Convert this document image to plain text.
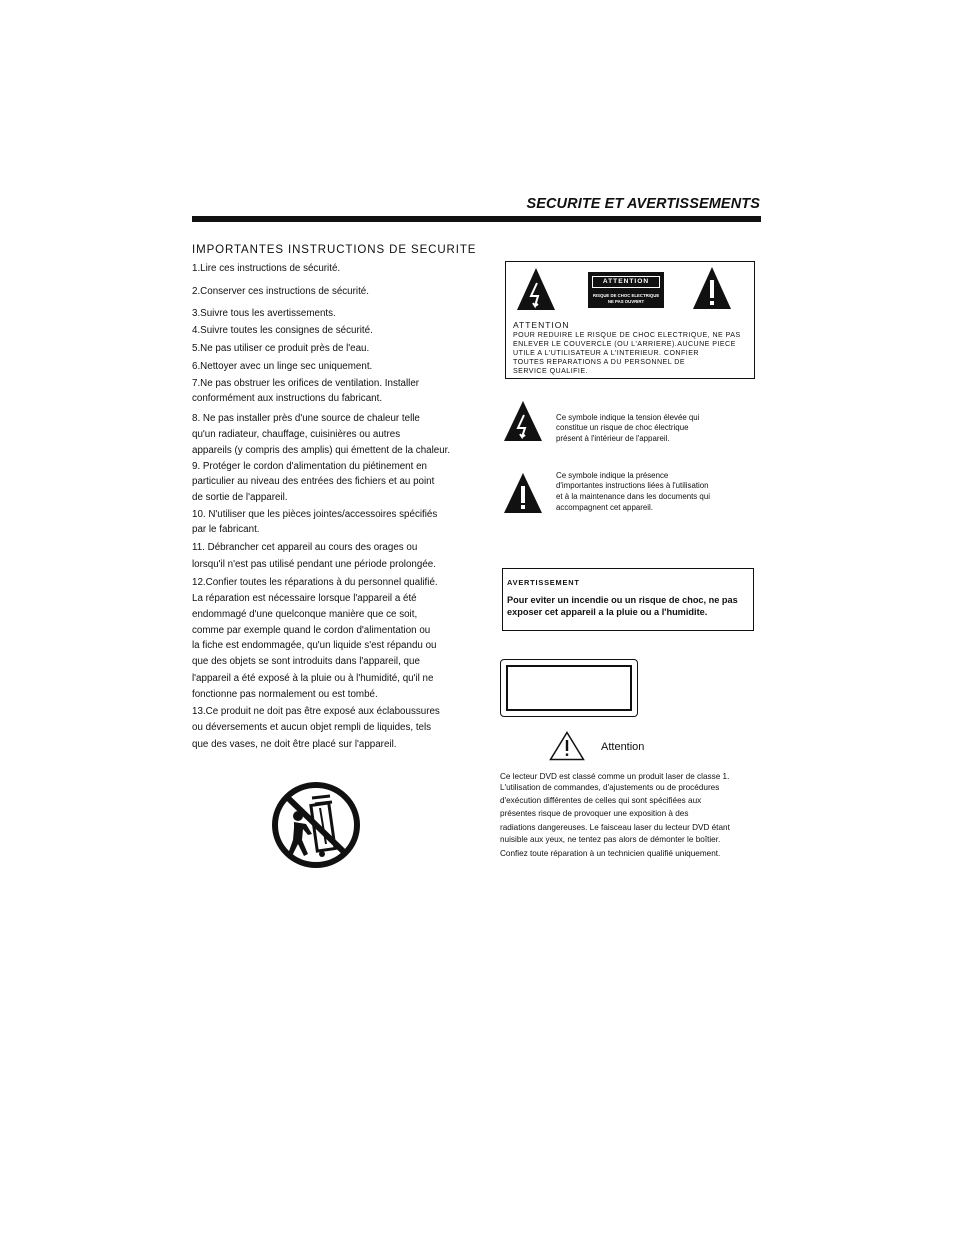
SECURITE ET AVERTISSEMENTS
IMPORTANTES INSTRUCTIONS DE SECURITE
1.Lire ces instructions de sécurité.
2.Conserver ces instructions de sécurité.
3.Suivre tous les avertissements.
4.Suivre toutes les consignes de sécurité.
5.Ne pas utiliser ce produit près de l'eau.
6.Nettoyer avec un linge sec uniquement.
7.Ne pas obstruer les orifices de ventilation. Installer
conformément aux instructions du fabricant.
8. Ne pas installer près d'une source de chaleur telle
qu'un radiateur, chauffage, cuisinières ou autres
appareils (y compris des amplis) qui émettent de la chaleur.
9. Protéger le cordon d'alimentation du piétinement en
particulier au niveau des entrées des fichiers et au point
de sortie de l'appareil.
10. N'utiliser que les pièces jointes/accessoires spécifiés
par le fabricant.
11. Débrancher cet appareil au cours des orages ou
lorsqu'il n'est pas utilisé pendant une période prolongée.
12.Confier toutes les réparations à du personnel qualifié.
La réparation est nécessaire lorsque l'appareil a été
endommagé d'une quelconque manière que ce soit,
comme par exemple quand le cordon d'alimentation ou
la fiche est endommagée, qu'un liquide s'est répandu ou
que des objets se sont introduits dans l'appareil, que
l'appareil a été exposé à la pluie ou à l'humidité, qu'il ne
fonctionne pas normalement ou est tombé.
13.Ce produit ne doit pas être exposé aux éclaboussures
ou déversements et aucun objet rempli de liquides, tels
que des vases, ne doit être placé sur l'appareil.
ATTENTION
RISQUE DE CHOC ELECTRIQUE
NE PAS OUVRIRT
ATTENTION
POUR REDUIRE LE RISQUE DE CHOC ELECTRIQUE, NE PAS
ENLEVER LE COUVERCLE (OU L'ARRIERE).AUCUNE PIECE
UTILE A L'UTILISATEUR A L'INTERIEUR. CONFIER
TOUTES REPARATIONS A DU PERSONNEL DE
SERVICE QUALIFIE.
Ce symbole indique la tension élevée qui
constitue un risque de choc électrique
présent à l'intérieur de l'appareil.
Ce symbole indique la présence
d'importantes instructions liées à l'utilisation
et à la maintenance dans les documents qui
accompagnent cet appareil.
AVERTISSEMENT
Pour eviter un incendie ou un risque de choc, ne pas
exposer cet appareil a la pluie ou a l'humidite.
Attention
Ce lecteur DVD est classé comme un produit laser de classe 1.
L'utilisation de commandes, d'ajustements ou de procédures
d'exécution différentes de celles qui sont spécifiées aux
présentes risque de provoquer une exposition à des
radiations dangereuses. Le faisceau laser du lecteur DVD étant
nuisible aux yeux, ne tentez pas alors de démonter le boîtier.
Confiez toute réparation à un technicien qualifié uniquement.
